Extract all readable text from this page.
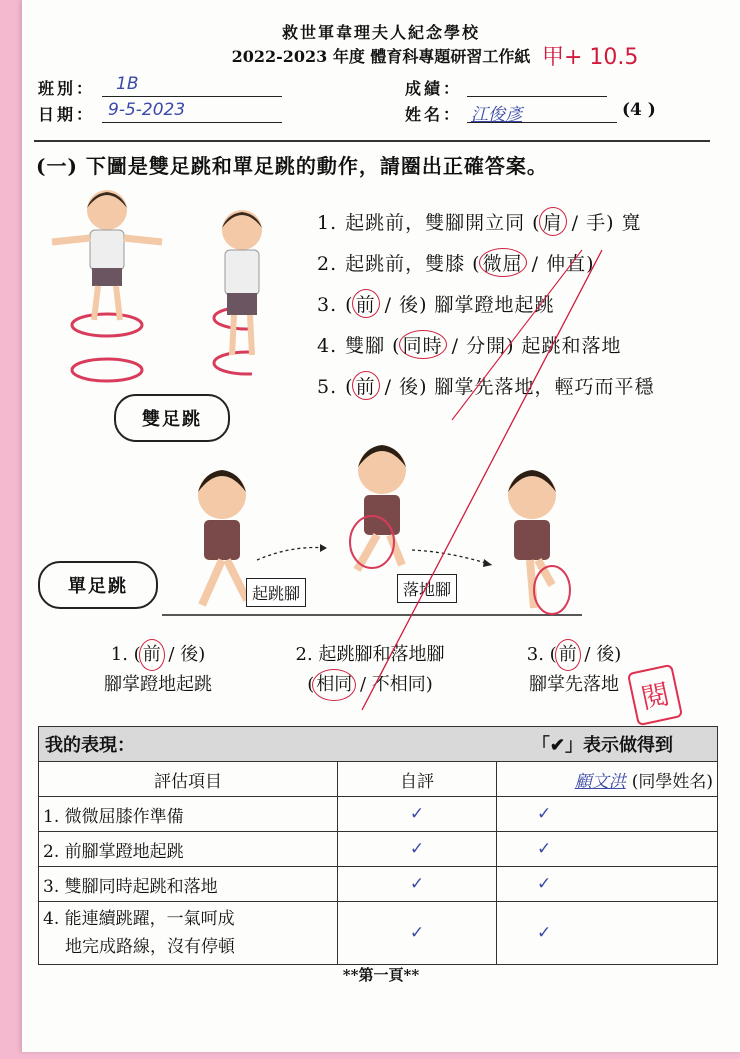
救世軍韋理夫人紀念學校
2022-2023 年度 體育科專題研習工作紙 甲+ 10.5
班別：	1B
日期： 9-5-2023
成績：
姓名： 江俊彥	(4 )
(一) 下圖是雙足跳和單足跳的動作，請圈出正確答案。
雙足跳
1. 起跳前，雙腳開立同 ( 肩 / 手) 寬
2. 起跳前，雙膝 ( 微屈 / 伸直)
3. ( 前 / 後) 腳掌蹬地起跳
4. 雙腳 ( 同時 / 分開) 起跳和落地
5. ( 前 / 後) 腳掌先落地，輕巧而平穩
單足跳	起跳腳	落地腳
閱
1. ( 前 / 後)
腳掌蹬地起跳
2. 起跳腳和落地腳
( 相同 / 不相同)
3. ( 前 / 後)
腳掌先落地
我的表現： 「✔」表示做得到		

評估項目	自評	顧文洪 (同學姓名)
1. 微微屈膝作準備	✓	✓
2. 前腳掌蹬地起跳	✓	✓
3. 雙腳同時起跳和落地	✓	✓

4. 能連續跳躍，一氣呵成
地完成路線，沒有停頓	✓	✓
**第一頁**
